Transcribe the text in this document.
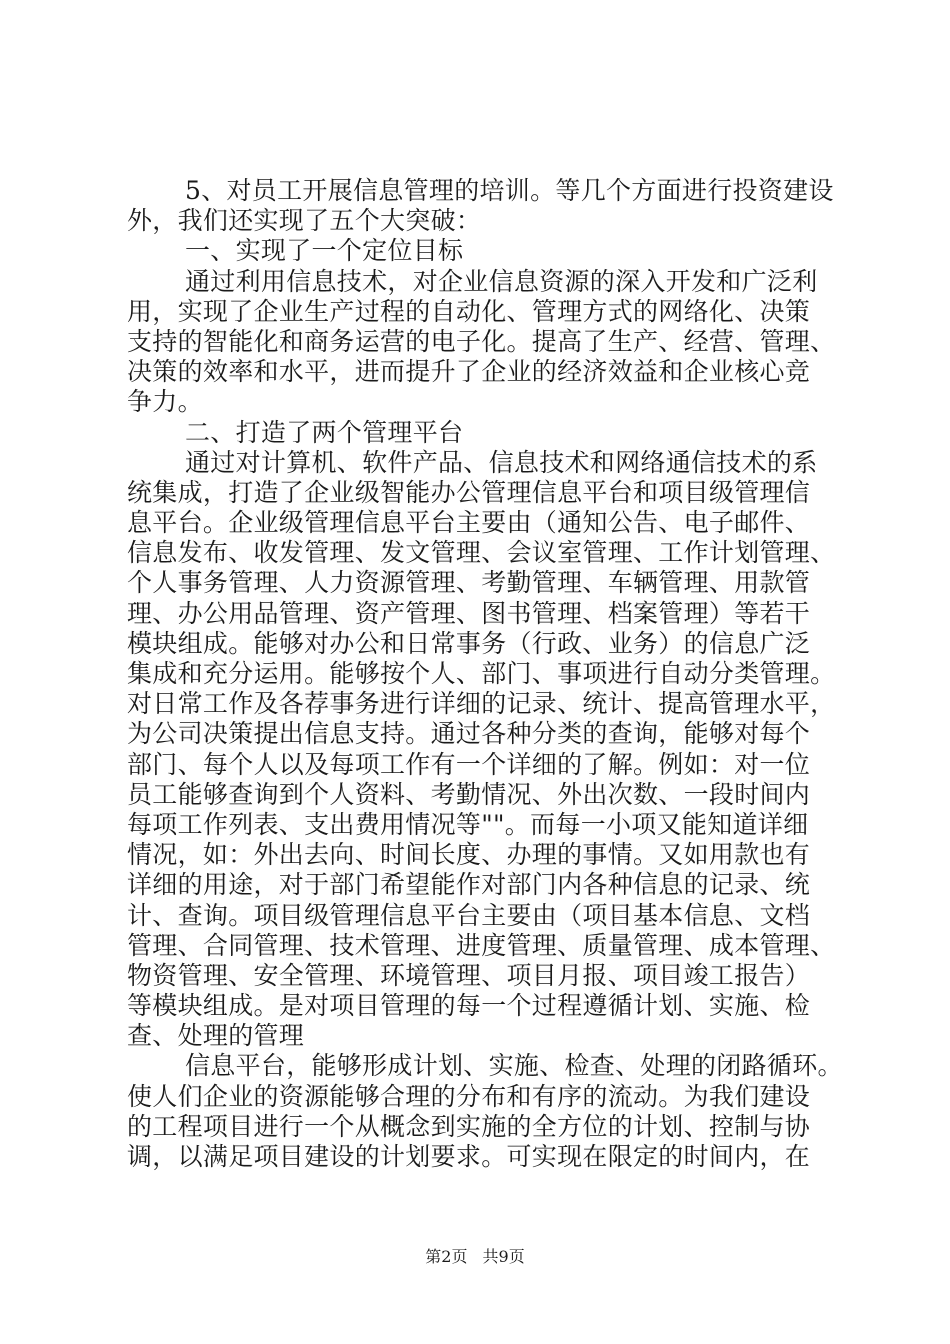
5、对员工开展信息管理的培训。等几个方面进行投资建设
外，我们还实现了五个大突破：
一、实现了一个定位目标
通过利用信息技术，对企业信息资源的深入开发和广泛利
用，实现了企业生产过程的自动化、管理方式的网络化、决策
支持的智能化和商务运营的电子化。提高了生产、经营、管理、
决策的效率和水平，进而提升了企业的经济效益和企业核心竞
争力。
二、打造了两个管理平台
通过对计算机、软件产品、信息技术和网络通信技术的系
统集成，打造了企业级智能办公管理信息平台和项目级管理信
息平台。企业级管理信息平台主要由（通知公告、电子邮件、
信息发布、收发管理、发文管理、会议室管理、工作计划管理、
个人事务管理、人力资源管理、考勤管理、车辆管理、用款管
理、办公用品管理、资产管理、图书管理、档案管理）等若干
模块组成。能够对办公和日常事务（行政、业务）的信息广泛
集成和充分运用。能够按个人、部门、事项进行自动分类管理。
对日常工作及各荐事务进行详细的记录、统计、提高管理水平，
为公司决策提出信息支持。通过各种分类的查询，能够对每个
部门、每个人以及每项工作有一个详细的了解。例如：对一位
员工能够查询到个人资料、考勤情况、外出次数、一段时间内
每项工作列表、支出费用情况等""。而每一小项又能知道详细
情况，如：外出去向、时间长度、办理的事情。又如用款也有
详细的用途，对于部门希望能作对部门内各种信息的记录、统
计、查询。项目级管理信息平台主要由（项目基本信息、文档
管理、合同管理、技术管理、进度管理、质量管理、成本管理、
物资管理、安全管理、环境管理、项目月报、项目竣工报告）
等模块组成。是对项目管理的每一个过程遵循计划、实施、检
查、处理的管理
信息平台，能够形成计划、实施、检查、处理的闭路循环。
使人们企业的资源能够合理的分布和有序的流动。为我们建设
的工程项目进行一个从概念到实施的全方位的计划、控制与协
调，以满足项目建设的计划要求。可实现在限定的时间内，在
第2页 共9页
